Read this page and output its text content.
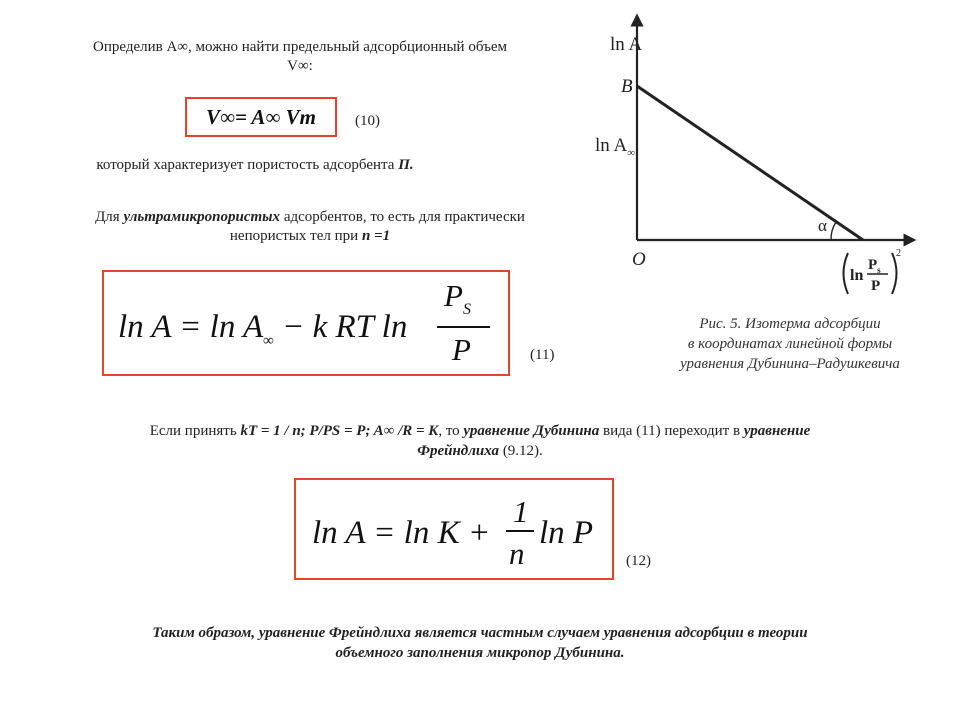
Определив A∞, можно найти предельный адсорбционный объем
V∞:
V∞= A∞ Vm	(10)
который характеризует пористость адсорбента П.
Для ультрамикропористых адсорбентов, то есть для практически
непористых тел при n =1
$\ln A = \ln A_\infty - k$ RT ln
$P_S$
P	(11)
ln A
B
$\ln A_\infty$
O
α
ln
$P_s$
P
2
Рис. 5. Изотерма адсорбции
в координатах линейной формы
уравнения Дубинина–Радушкевича
Если принять kT = 1 / n; P/PS = P; A∞ /R = K, то уравнение Дубинина вида (11) переходит в уравнение
Фрейндлиха (9.12).
ln A = ln K +
1
n
ln P
(12)
Таким образом, уравнение Фрейндлиха является частным случаем уравнения адсорбции в теории
объемного заполнения микропор Дубинина.
